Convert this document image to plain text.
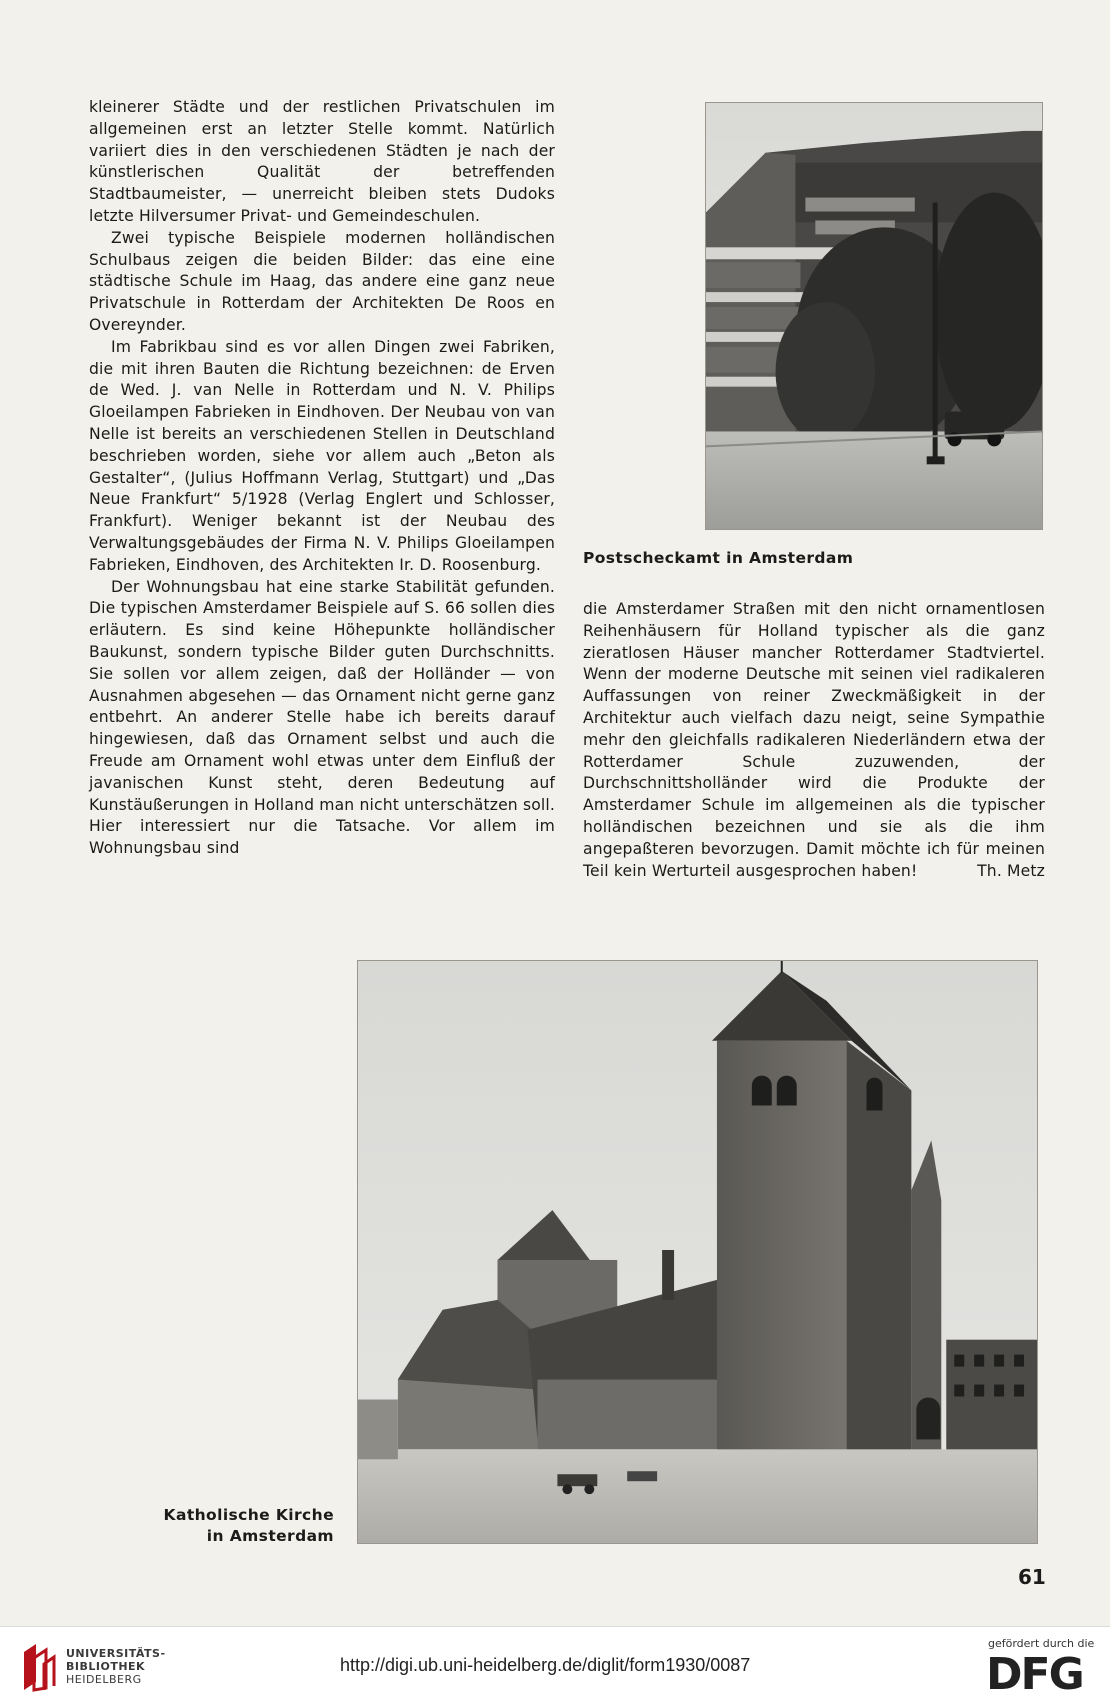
kleinerer Städte und der restlichen Privatschulen im allgemeinen erst an letzter Stelle kommt. Natürlich variiert dies in den verschiedenen Städten je nach der künstlerischen Qualität der betreffenden Stadtbaumeister, — unerreicht bleiben stets Dudoks letzte Hilversumer Privat- und Gemeindeschulen.

Zwei typische Beispiele modernen holländischen Schulbaus zeigen die beiden Bilder: das eine eine städtische Schule im Haag, das andere eine ganz neue Privatschule in Rotterdam der Architekten De Roos en Overeynder.

Im Fabrikbau sind es vor allen Dingen zwei Fabriken, die mit ihren Bauten die Richtung bezeichnen: de Erven de Wed. J. van Nelle in Rotterdam und N. V. Philips Gloeilampen Fabrieken in Eindhoven. Der Neubau von van Nelle ist bereits an verschiedenen Stellen in Deutschland beschrieben worden, siehe vor allem auch „Beton als Gestalter“, (Julius Hoffmann Verlag, Stuttgart) und „Das Neue Frankfurt“ 5/1928 (Verlag Englert und Schlosser, Frankfurt). Weniger bekannt ist der Neubau des Verwaltungsgebäudes der Firma N. V. Philips Gloeilampen Fabrieken, Eindhoven, des Architekten Ir. D. Roosenburg.

Der Wohnungsbau hat eine starke Stabilität gefunden. Die typischen Amsterdamer Beispiele auf S. 66 sollen dies erläutern. Es sind keine Höhepunkte holländischer Baukunst, sondern typische Bilder guten Durchschnitts. Sie sollen vor allem zeigen, daß der Holländer — von Ausnahmen abgesehen — das Ornament nicht gerne ganz entbehrt. An anderer Stelle habe ich bereits darauf hingewiesen, daß das Ornament selbst und auch die Freude am Ornament wohl etwas unter dem Einfluß der javanischen Kunst steht, deren Bedeutung auf Kunstäußerungen in Holland man nicht unterschätzen soll. Hier interessiert nur die Tatsache. Vor allem im Wohnungsbau sind

Postscheckamt in Amsterdam

die Amsterdamer Straßen mit den nicht ornamentlosen Reihenhäusern für Holland typischer als die ganz zieratlosen Häuser mancher Rotterdamer Stadtviertel. Wenn der moderne Deutsche mit seinen viel radikaleren Auffassungen von reiner Zweckmäßigkeit in der Architektur auch vielfach dazu neigt, seine Sympathie mehr den gleichfalls radikaleren Niederländern etwa der Rotterdamer Schule zuzuwenden, der Durchschnittsholländer wird die Produkte der Amsterdamer Schule im allgemeinen als die typischer holländischen bezeichnen und sie als die ihm angepaßteren bevorzugen. Damit möchte ich für meinen Teil kein Werturteil ausgesprochen haben!	Th. Metz
Katholische Kirche
in Amsterdam
61
UNIVERSITÄTS-
BIBLIOTHEK
HEIDELBERG
http://digi.ub.uni-heidelberg.de/diglit/form1930/0087
gefördert durch die
DFG
